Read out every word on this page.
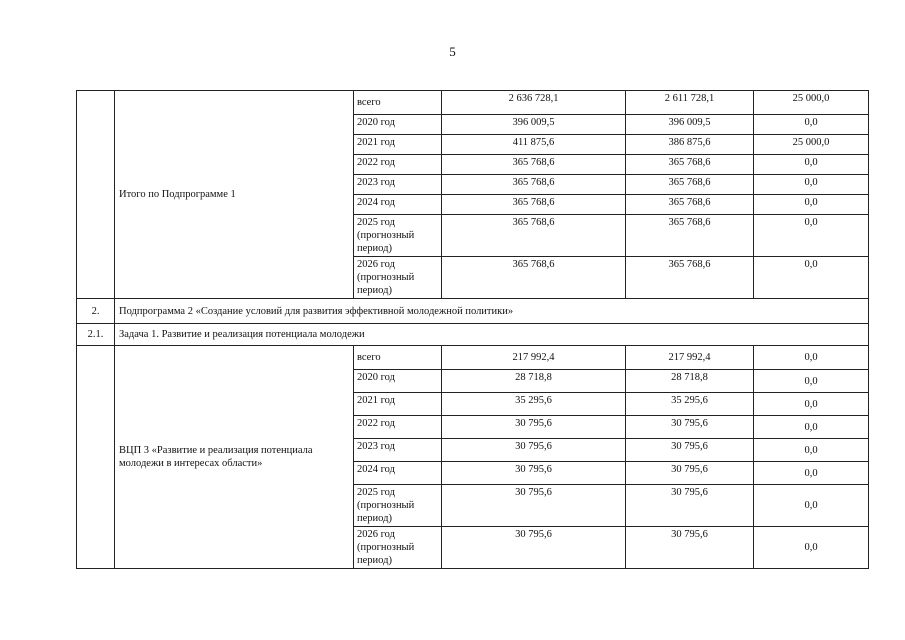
5
	Итого по Подпрограмме 1	всего	2 636 728,1	2 611 728,1	25 000,0
		2020 год	396 009,5	396 009,5	0,0
		2021 год	411 875,6	386 875,6	25 000,0
		2022 год	365 768,6	365 768,6	0,0
		2023 год	365 768,6	365 768,6	0,0
		2024 год	365 768,6	365 768,6	0,0
		2025 год (прогнозный период)	365 768,6	365 768,6	0,0
		2026 год (прогнозный период)	365 768,6	365 768,6	0,0
2.	Подпрограмма 2 «Создание условий для развития эффективной молодежной политики»				
2.1.	Задача 1. Развитие и реализация потенциала молодежи				
	ВЦП 3 «Развитие и реализация потенциала молодежи в интересах области»	всего	217 992,4	217 992,4	0,0
		2020 год	28 718,8	28 718,8	0,0
		2021 год	35 295,6	35 295,6	0,0
		2022 год	30 795,6	30 795,6	0,0
		2023 год	30 795,6	30 795,6	0,0
		2024 год	30 795,6	30 795,6	0,0
		2025 год (прогнозный период)	30 795,6	30 795,6	0,0
		2026 год (прогнозный период)	30 795,6	30 795,6	0,0
